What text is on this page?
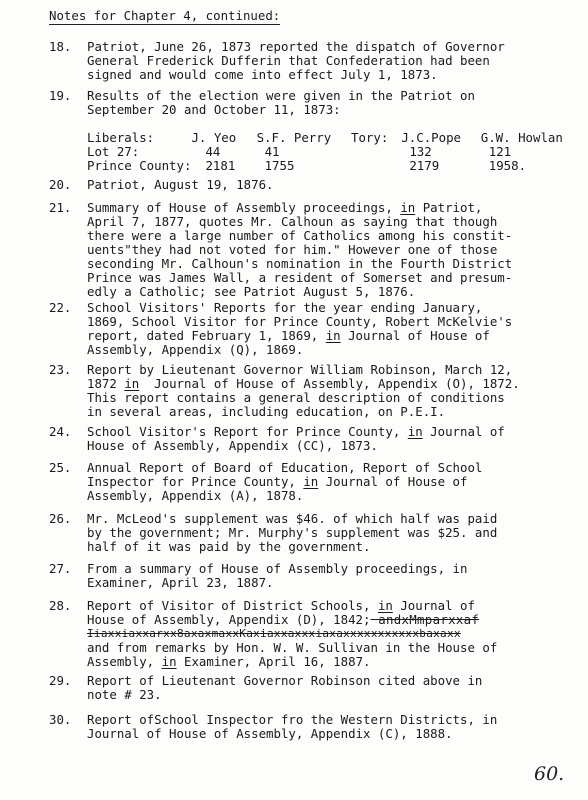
Notes for Chapter 4, continued:
18. Patriot, June 26, 1873 reported the dispatch of Governor
General Frederick Dufferin that Confederation had been
signed and would come into effect July 1, 1873.
19. Results of the election were given in the Patriot on
September 20 and October 11, 1873:
Liberals:	J. Yeo	S.F. Perry	Tory:	J.C.Pope	G.W. Howlan
Lot 27:	44	41		132	121
Prince County:	2181	1755		2179	1958.
20. Patriot, August 19, 1876.
21. Summary of House of Assembly proceedings, in Patriot,
April 7, 1877, quotes Mr. Calhoun as saying that though
there were a large number of Catholics among his constit-
uents"they had not voted for him." However one of those
seconding Mr. Calhoun's nomination in the Fourth District
Prince was James Wall, a resident of Somerset and presum-
edly a Catholic; see Patriot August 5, 1876.
22. School Visitors' Reports for the year ending January,
1869, School Visitor for Prince County, Robert McKelvie's
report, dated February 1, 1869, in Journal of House of
Assembly, Appendix (Q), 1869.
23. Report by Lieutenant Governor William Robinson, March 12,
1872 in  Journal of House of Assembly, Appendix (O), 1872.
This report contains a general description of conditions
in several areas, including education, on P.E.I.
24. School Visitor's Report for Prince County, in Journal of
House of Assembly, Appendix (CC), 1873.
25. Annual Report of Board of Education, Report of School
Inspector for Prince County, in Journal of House of
Assembly, Appendix (A), 1878.
26. Mr. McLeod's supplement was $46. of which half was paid
by the government; Mr. Murphy's supplement was $25. and
half of it was paid by the government.
27. From a summary of House of Assembly proceedings, in
Examiner, April 23, 1887.
28. Report of Visitor of District Schools, in Journal of
House of Assembly, Appendix (D), 1842; andxMmparxxaf
Iiaxxiaxxarxx8axaxmaxxKaxiaxxaxxxiaxaxxxxxxxxxxxbaxaxx
and from remarks by Hon. W. W. Sullivan in the House of
Assembly, in Examiner, April 16, 1887.
29. Report of Lieutenant Governor Robinson cited above in
note # 23.
30. Report ofSchool Inspector fro the Western Districts, in
Journal of House of Assembly, Appendix (C), 1888.
60.
